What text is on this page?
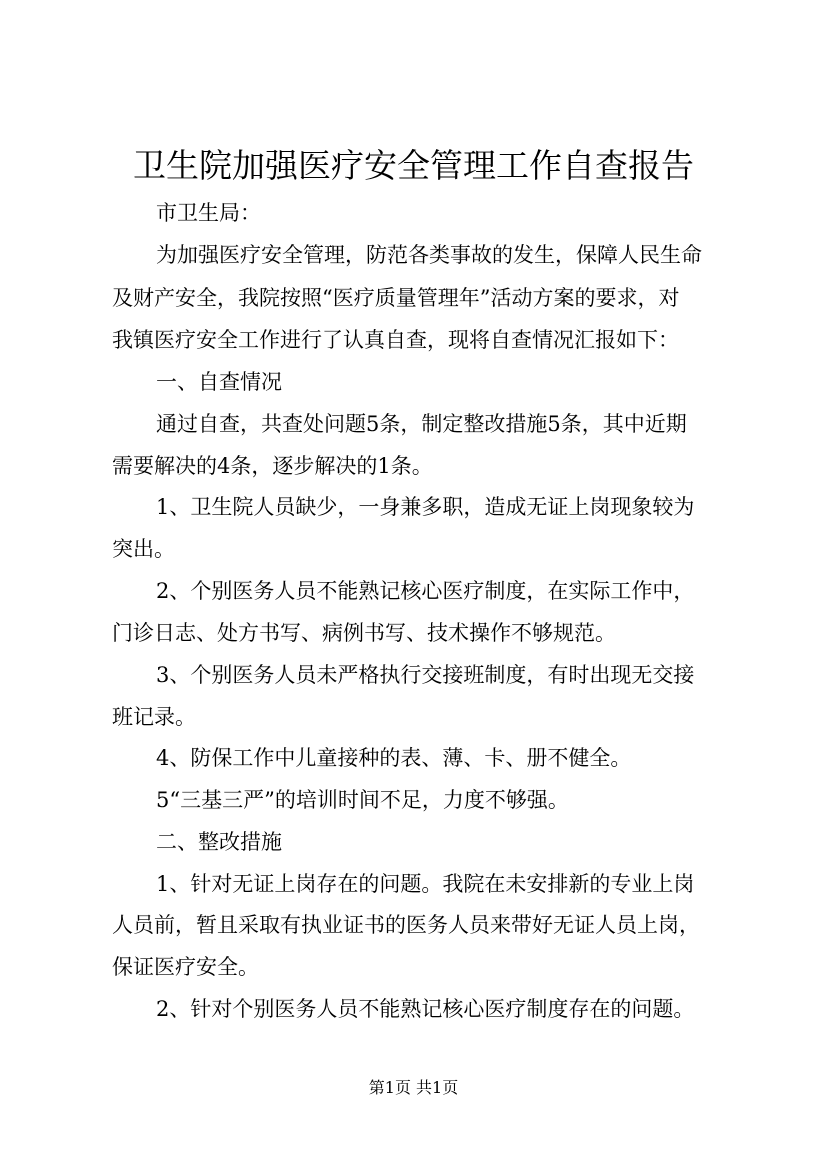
卫生院加强医疗安全管理工作自查报告
市卫生局：
为加强医疗安全管理，防范各类事故的发生，保障人民生命
及财产安全，我院按照“医疗质量管理年”活动方案的要求，对
我镇医疗安全工作进行了认真自查，现将自查情况汇报如下：
一、自查情况
通过自查，共查处问题5条，制定整改措施5条，其中近期
需要解决的4条，逐步解决的1条。
1、卫生院人员缺少，一身兼多职，造成无证上岗现象较为
突出。
2、个别医务人员不能熟记核心医疗制度，在实际工作中，
门诊日志、处方书写、病例书写、技术操作不够规范。
3、个别医务人员未严格执行交接班制度，有时出现无交接
班记录。
4、防保工作中儿童接种的表、薄、卡、册不健全。
5“三基三严”的培训时间不足，力度不够强。
二、整改措施
1、针对无证上岗存在的问题。我院在未安排新的专业上岗
人员前，暂且采取有执业证书的医务人员来带好无证人员上岗，
保证医疗安全。
2、针对个别医务人员不能熟记核心医疗制度存在的问题。
第1页 共1页
